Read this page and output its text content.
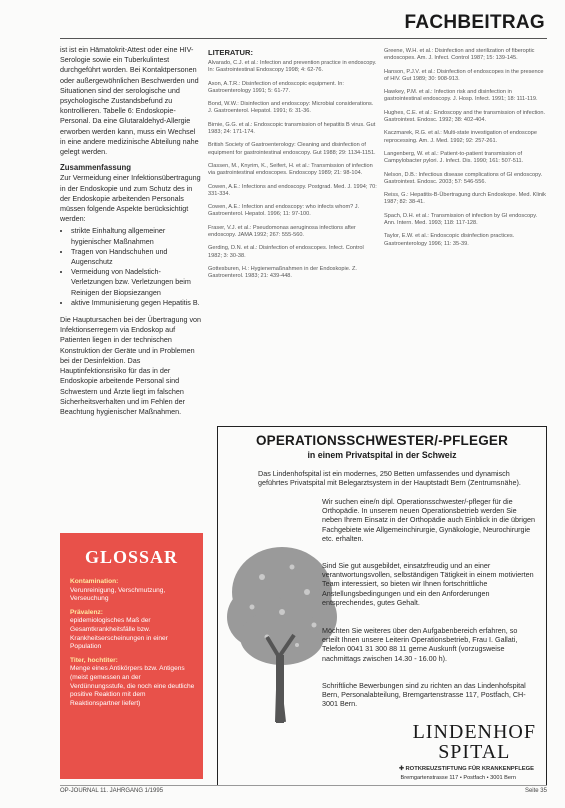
FACHBEITRAG

ist ist ein Hämatokrit-Attest oder eine HIV-Serologie sowie ein Tuberkulintest durchgeführt worden. Bei Kontaktpersonen oder außergewöhnlichen Beschwerden und Situationen sind der serologische und psychologische Zustandsbefund zu kontrollieren. Tabelle 6: Endoskopie-Personal. Da eine Glutaraldehyd-Allergie erworben werden kann, muss ein Wechsel in eine andere medizinische Abteilung nahe gelegt werden.

Zusammenfassung

Zur Vermeidung einer Infektionsübertragung in der Endoskopie und zum Schutz des in der Endoskopie arbeitenden Personals müssen folgende Aspekte berücksichtigt werden:

• strikte Einhaltung allgemeiner hygienischer Maßnahmen
• Tragen von Handschuhen und Augenschutz
• Vermeidung von Nadelstich-Verletzungen bzw. Verletzungen beim Reinigen der Biopsiezangen
• aktive Immunisierung gegen Hepatitis B.

Die Hauptursachen bei der Übertragung von Infektionserregern via Endoskop auf Patienten liegen in der technischen Konstruktion der Geräte und in Problemen bei der Desinfektion. Das Hauptinfektionsrisiko für das in der Endoskopie arbeitende Personal sind Schwestern und Ärzte liegt im falschen Sicherheitsverhalten und im Fehlen der Beachtung hygienischer Maßnahmen.

GLOSSAR
Kontamination:

Verunreinigung, Verschmutzung, Verseuchung

Prävalenz:

epidemiologisches Maß der Gesamtkrankheitsfälle bzw. Krankheitserscheinungen in einer Population

Titer, hochtiter:

Menge eines Antikörpers bzw. Antigens (meist gemessen an der Verdünnungsstufe, die noch eine deutliche positive Reaktion mit dem Reaktionspartner liefert)

LITERATUR:

Alvarado, C.J. et al.: Infection and prevention practice in endoscopy. In: Gastrointestinal Endoscopy 1998; 4: 62-76.

Axon, A.T.R.: Disinfection of endoscopic equipment. In: Gastroenterology 1991; 5: 61-77.

Bond, W.W.: Disinfection and endoscopy: Microbial considerations. J. Gastroenterol. Hepatol. 1991; 6: 31-36.

Birnie, G.G. et al.: Endoscopic transmission of hepatitis B virus. Gut 1983; 24: 171-174.

British Society of Gastroenterology: Cleaning and disinfection of equipment for gastrointestinal endoscopy. Gut 1988; 29: 1134-1151.

Classen, M., Knyrim, K., Seifert, H. et al.: Transmission of infection via gastrointestinal endoscopes. Endoscopy 1989; 21: 98-104.

Cowen, A.E.: Infections and endoscopy. Postgrad. Med. J. 1994; 70: 331-334.

Cowen, A.E.: Infection and endoscopy: who infects whom? J. Gastroenterol. Hepatol. 1996; 11: 97-100.

Fraser, V.J. et al.: Pseudomonas aeruginosa infections after endoscopy. JAMA 1992; 267: 555-560.

Gerding, D.N. et al.: Disinfection of endoscopes. Infect. Control 1982; 3: 30-38.

Gottesburen, H.: Hygienemaßnahmen in der Endoskopie. Z. Gastroenterol. 1983; 21: 439-448.

Greene, W.H. et al.: Disinfection and sterilization of fiberoptic endoscopes. Am. J. Infect. Control 1987; 15: 139-145.

Hanson, P.J.V. et al.: Disinfection of endoscopes in the presence of HIV. Gut 1989; 30: 908-913.

Hawkey, P.M. et al.: Infection risk and disinfection in gastrointestinal endoscopy. J. Hosp. Infect. 1991; 18: 111-119.

Hughes, C.E. et al.: Endoscopy and the transmission of infection. Gastrointest. Endosc. 1992; 38: 402-404.

Kaczmarek, R.G. et al.: Multi-state investigation of endoscope reprocessing. Am. J. Med. 1992; 92: 257-261.

Langenberg, W. et al.: Patient-to-patient transmission of Campylobacter pylori. J. Infect. Dis. 1990; 161: 507-511.

Nelson, D.B.: Infectious disease complications of GI endoscopy. Gastrointest. Endosc. 2003; 57: 546-556.

Reiss, G.: Hepatitis-B-Übertragung durch Endoskope. Med. Klinik 1987; 82: 38-41.

Spach, D.H. et al.: Transmission of infection by GI endoscopy. Ann. Intern. Med. 1993; 118: 117-128.

Taylor, E.W. et al.: Endoscopic disinfection practices. Gastroenterology 1996; 11: 35-39.

OPERATIONSSCHWESTER/-PFLEGER
in einem Privatspital in der Schweiz
Das Lindenhofspital ist ein modernes, 250 Betten umfassendes und dynamisch geführtes Privatspital mit Belegarztsystem in der Hauptstadt Bern (Zentrumsnähe).
Wir suchen eine/n dipl. Operationsschwester/-pfleger für die Orthopädie. In unserem neuen Operationsbetrieb werden Sie neben Ihrem Einsatz in der Orthopädie auch Einblick in die übrigen Fachgebiete wie Allgemeinchirurgie, Gynäkologie, Neurochirurgie etc. erhalten.
Sind Sie gut ausgebildet, einsatzfreudig und an einer verantwortungsvollen, selbständigen Tätigkeit in einem motivierten Team interessiert, so bieten wir Ihnen fortschrittliche Anstellungsbedingungen und ein den Anforderungen entsprechendes, gutes Gehalt.
Möchten Sie weiteres über den Aufgabenbereich erfahren, so erteilt Ihnen unsere Leiterin Operationsbetrieb, Frau I. Gallati, Telefon 0041 31 300 88 11 gerne Auskunft (vorzugsweise nachmittags zwischen 14.30 - 16.00 h).
Schriftliche Bewerbungen sind zu richten an das Lindenhofspital Bern, Personalabteilung, Bremgartenstrasse 117, Postfach, CH-3001 Bern.
LINDENHOF
SPITAL
✚ ROTKREUZSTIFTUNG FÜR KRANKENPFLEGE
Bremgartenstrasse 117 • Postfach • 3001 Bern
OP-JOURNAL 11. JAHRGANG 1/1995	Seite 35
